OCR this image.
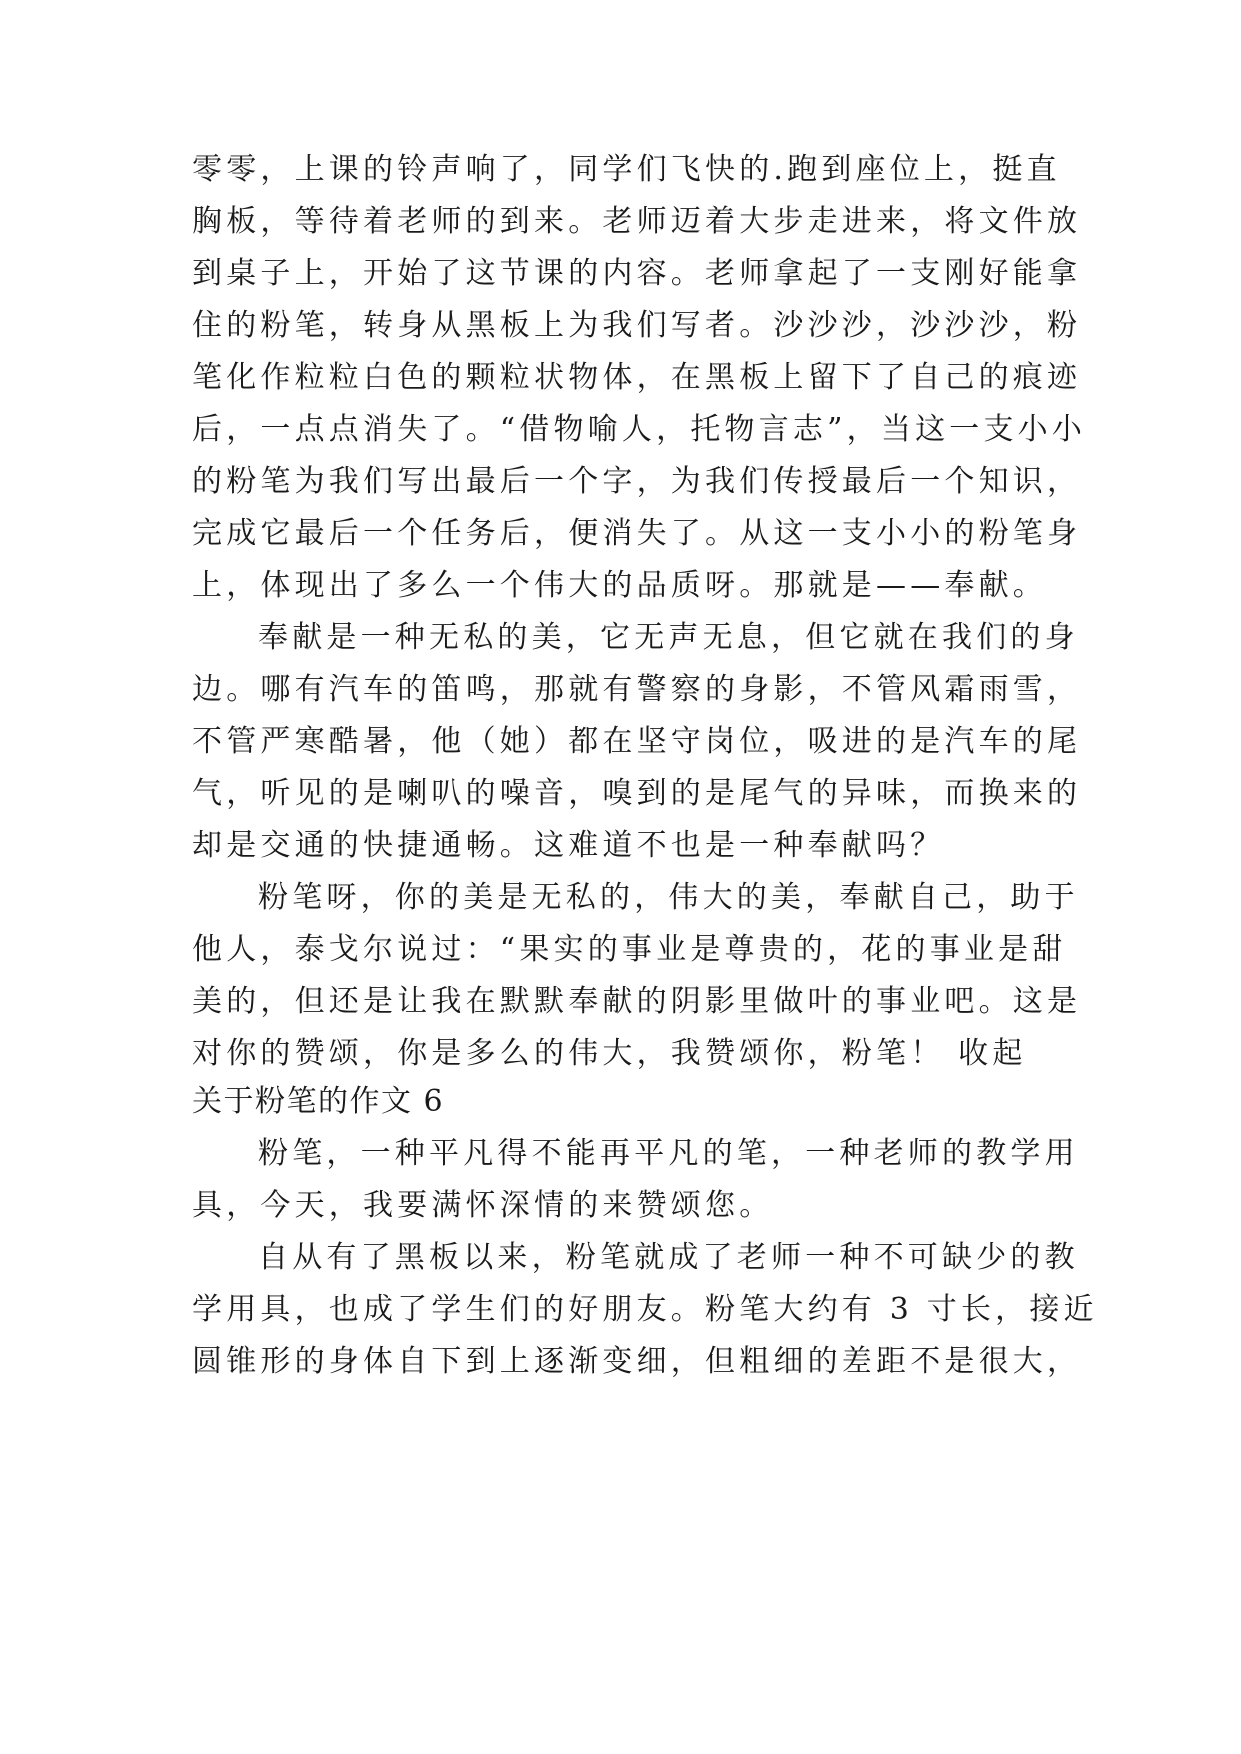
零零，上课的铃声响了，同学们飞快的.跑到座位上，挺直
胸板，等待着老师的到来。老师迈着大步走进来，将文件放
到桌子上，开始了这节课的内容。老师拿起了一支刚好能拿
住的粉笔，转身从黑板上为我们写者。沙沙沙，沙沙沙，粉
笔化作粒粒白色的颗粒状物体，在黑板上留下了自己的痕迹
后，一点点消失了。“借物喻人，托物言志”，当这一支小小
的粉笔为我们写出最后一个字，为我们传授最后一个知识，
完成它最后一个任务后，便消失了。从这一支小小的粉笔身
上，体现出了多么一个伟大的品质呀。那就是——奉献。
奉献是一种无私的美，它无声无息，但它就在我们的身
边。哪有汽车的笛鸣，那就有警察的身影，不管风霜雨雪，
不管严寒酷暑，他（她）都在坚守岗位，吸进的是汽车的尾
气，听见的是喇叭的噪音，嗅到的是尾气的异味，而换来的
却是交通的快捷通畅。这难道不也是一种奉献吗？
粉笔呀，你的美是无私的，伟大的美，奉献自己，助于
他人，泰戈尔说过：“果实的事业是尊贵的，花的事业是甜
美的，但还是让我在默默奉献的阴影里做叶的事业吧。这是
对你的赞颂，你是多么的伟大，我赞颂你，粉笔！ 收起
关于粉笔的作文 6
粉笔，一种平凡得不能再平凡的笔，一种老师的教学用
具，今天，我要满怀深情的来赞颂您。
自从有了黑板以来，粉笔就成了老师一种不可缺少的教
学用具，也成了学生们的好朋友。粉笔大约有 3 寸长，接近
圆锥形的身体自下到上逐渐变细，但粗细的差距不是很大，
